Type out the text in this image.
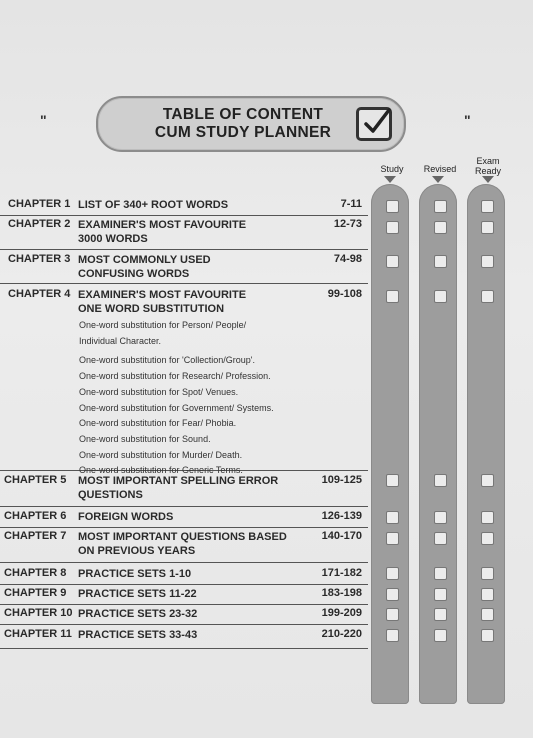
"	"
TABLE OF CONTENT
CUM STUDY PLANNER
Study	Revised
Exam Ready
CHAPTER 1 LIST OF 340+ ROOT WORDS	7-11
CHAPTER 2 EXAMINER'S MOST FAVOURITE
3000 WORDS
12-73
CHAPTER 3 MOST COMMONLY USED
CONFUSING WORDS
74-98
CHAPTER 4 EXAMINER'S MOST FAVOURITE
ONE WORD SUBSTITUTION
99-108
One-word substitution for Person/ People/
Individual Character.
One-word substitution for 'Collection/Group'.
One-word substitution for Research/ Profession.
One-word substitution for Spot/ Venues.
One-word substitution for Government/ Systems.
One-word substitution for Fear/ Phobia.
One-word substitution for Sound.
One-word substitution for Murder/ Death.
One-word substitution for Generic Terms.
CHAPTER 5 MOST IMPORTANT SPELLING ERROR
QUESTIONS
109-125
CHAPTER 6 FOREIGN WORDS	126-139
CHAPTER 7 MOST IMPORTANT QUESTIONS BASED
ON PREVIOUS YEARS
140-170
CHAPTER 8 PRACTICE SETS 1-10	171-182
CHAPTER 9 PRACTICE SETS 11-22	183-198
CHAPTER 10 PRACTICE SETS 23-32	199-209
CHAPTER 11 PRACTICE SETS 33-43	210-220
